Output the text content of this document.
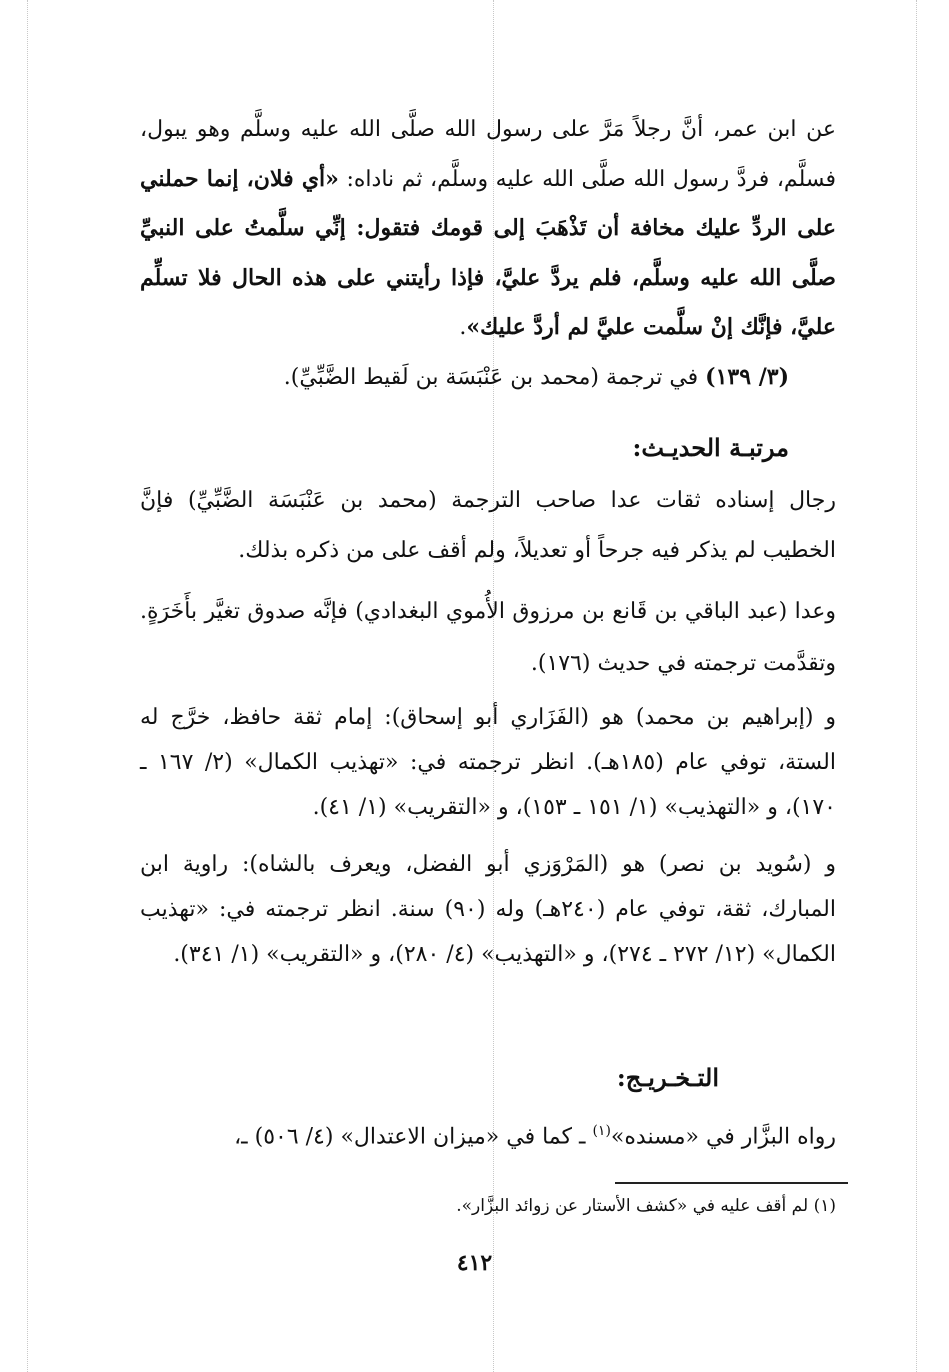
عن ابن عمر، أنَّ رجلاً مَرَّ على رسول الله صلَّى الله عليه وسلَّم وهو يبول، فسلَّم، فردَّ رسول الله صلَّى الله عليه وسلَّم، ثم ناداه: «أي فلان، إنما حملني على الردِّ عليك مخافة أن تَذْهَبَ إلى قومك فتقول: إنِّي سلَّمتُ على النبيِّ صلَّى الله عليه وسلَّم، فلم يردَّ عليَّ، فإذا رأيتني على هذه الحال فلا تسلِّم عليَّ، فإنَّك إنْ سلَّمت عليَّ لم أردَّ عليك».
(٣/ ١٣٩) في ترجمة (محمد بن عَنْبَسَة بن لَقيط الضَّبِّيِّ).
مرتبـة الحديـث:
رجال إسناده ثقات عدا صاحب الترجمة (محمد بن عَنْبَسَة الضَّبِّيِّ) فإنَّ الخطيب لم يذكر فيه جرحاً أو تعديلاً، ولم أقف على من ذكره بذلك.
وعدا (عبد الباقي بن قَانع بن مرزوق الأُموي البغدادي) فإنَّه صدوق تغيَّر بأَخَرَةٍ. وتقدَّمت ترجمته في حديث (١٧٦).
و (إبراهيم بن محمد) هو (الفَزَاري أبو إسحاق): إمام ثقة حافظ، خرَّج له الستة، توفي عام (١٨٥هـ). انظر ترجمته في: «تهذيب الكمال» (٢/ ١٦٧ ـ ١٧٠)، و «التهذيب» (١/ ١٥١ ـ ١٥٣)، و «التقريب» (١/ ٤١).
و (سُويد بن نصر) هو (المَرْوَزي أبو الفضل، ويعرف بالشاه): راوية ابن المبارك، ثقة، توفي عام (٢٤٠هـ) وله (٩٠) سنة. انظر ترجمته في: «تهذيب الكمال» (١٢/ ٢٧٢ ـ ٢٧٤)، و «التهذيب» (٤/ ٢٨٠)، و «التقريب» (١/ ٣٤١).
التـخـريـج:
رواه البزَّار في «مسنده»$^{(١)}$ ـ كما في «ميزان الاعتدال» (٤/ ٥٠٦) ـ،
(١) لم أقف عليه في «كشف الأستار عن زوائد البزَّار».
٤١٢
